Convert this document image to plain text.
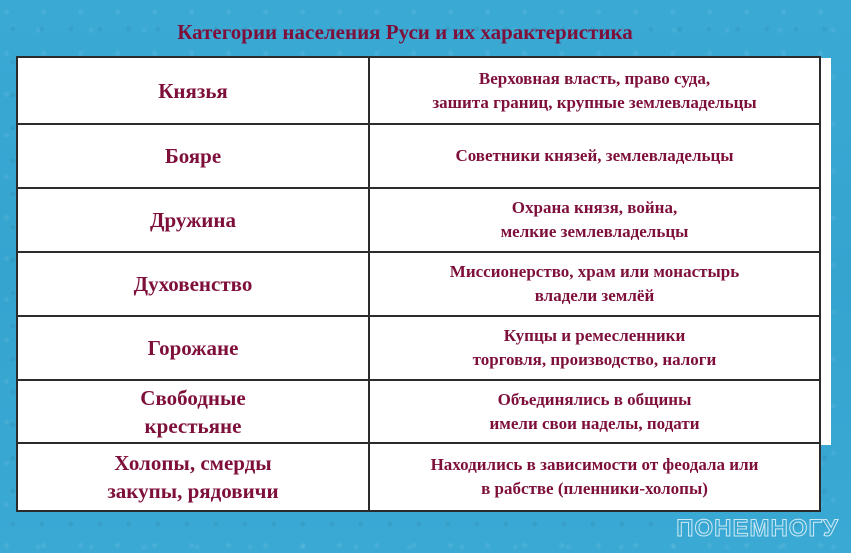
Категории населения Руси и их характеристика
Князья
Верховная власть, право суда,
зашита границ, крупные землевладельцы
Бояре	Советники князей, землевладельцы
Дружина
Охрана князя, война,
мелкие землевладельцы
Духовенство
Миссионерство, храм или монастырь
владели землёй
Горожане
Купцы и ремесленники
торговля, производство, налоги
Свободные
крестьяне
Объединялись в общины
имели свои наделы, подати
Холопы, смерды
закупы, рядовичи
Находились в зависимости от феодала или
в рабстве (пленники-холопы)
ПОНЕМНОГУ
